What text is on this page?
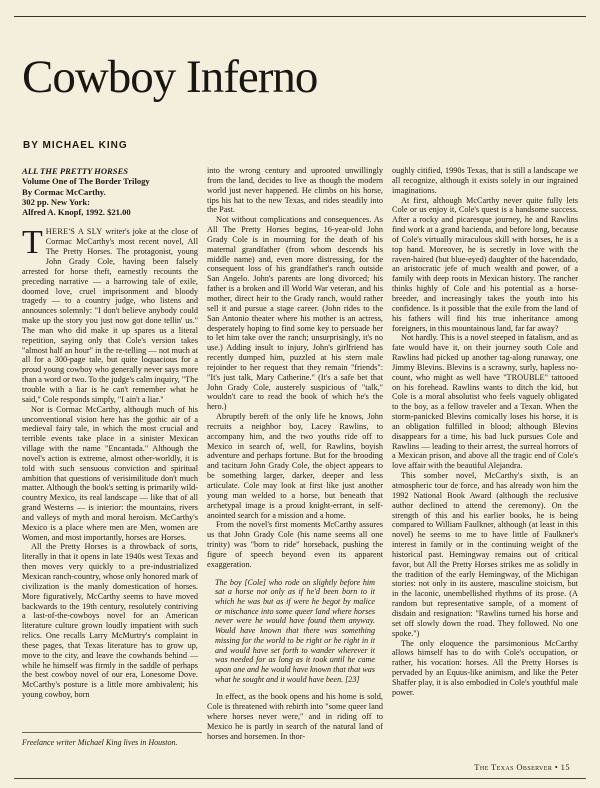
Cowboy Inferno
BY MICHAEL KING
ALL THE PRETTY HORSES
Volume One of The Border Trilogy
By Cormac McCarthy.
302 pp. New York:
Alfred A. Knopf, 1992. $21.00

THERE'S A SLY writer's joke at the close of Cormac McCarthy's most recent novel, All The Pretty Horses. The protagonist, young John Grady Cole, having been falsely arrested for horse theft, earnestly recounts the preceding narrative — a harrowing tale of exile, doomed love, cruel imprisonment and bloody tragedy — to a country judge, who listens and announces solemnly: "I don't believe anybody could make up the story you just now got done tellin' us." The man who did make it up spares us a literal repetition, saying only that Cole's version takes "almost half an hour" in the re-telling — not much at all for a 300-page tale, but quite loquacious for a proud young cowboy who generally never says more than a word or two. To the judge's calm inquiry, "The trouble with a liar is he can't remember what he said," Cole responds simply, "I ain't a liar."

Nor is Cormac McCarthy, although much of his unconventional vision here has the gothic air of a medieval fairy tale, in which the most crucial and terrible events take place in a sinister Mexican village with the name "Encantada." Although the novel's action is extreme, almost other-worldly, it is told with such sensuous conviction and spiritual ambition that questions of verisimilitude don't much matter. Although the book's setting is primarily wild-country Mexico, its real landscape — like that of all grand Westerns — is interior: the mountains, rivers and valleys of myth and moral heroism. McCarthy's Mexico is a place where men are Men, women are Women, and most importantly, horses are Horses.

All the Pretty Horses is a throwback of sorts, literally in that it opens in late 1940s west Texas and then moves very quickly to a pre-industrialized Mexican ranch-country, whose only honored mark of civilization is the manly domestication of horses. More figuratively, McCarthy seems to have moved backwards to the 19th century, resolutely contriving a last-of-the-cowboys novel for an American literature culture grown loudly impatient with such relics. One recalls Larry McMurtry's complaint in these pages, that Texas literature has to grow up, move to the city, and leave the cowhands behind — while he himself was firmly in the saddle of perhaps the best cowboy novel of our era, Lonesome Dove. McCarthy's posture is a little more ambivalent; his young cowboy, born

into the wrong century and uprooted unwillingly from the land, decides to live as though the modern world just never happened. He climbs on his horse, tips his hat to the new Texas, and rides steadily into the Past.

Not without complications and consequences. As All The Pretty Horses begins, 16-year-old John Grady Cole is in mourning for the death of his maternal grandfather (from whom descends his middle name) and, even more distressing, for the consequent loss of his grandfather's ranch outside San Angelo. John's parents are long divorced; his father is a broken and ill World War veteran, and his mother, direct heir to the Grady ranch, would rather sell it and pursue a stage career. (John rides to the San Antonio theater where his mother is an actress, desperately hoping to find some key to persuade her to let him take over the ranch; unsurprisingly, it's no use.) Adding insult to injury, John's girlfriend has recently dumped him, puzzled at his stern male rejoinder to her request that they remain "friends": "It's just talk, Mary Catherine." (It's a safe bet that John Grady Cole, austerely suspicious of "talk," wouldn't care to read the book of which he's the hero.)

Abruptly bereft of the only life he knows, John recruits a neighbor boy, Lacey Rawlins, to accompany him, and the two youths ride off to Mexico in search of, well, for Rawlins, boyish adventure and perhaps fortune. But for the brooding and taciturn John Grady Cole, the object appears to be something larger, darker, deeper and less articulate. Cole may look at first like just another young man welded to a horse, but beneath that archetypal image is a proud knight-errant, in self-anointed search for a mission and a home.

From the novel's first moments McCarthy assures us that John Grady Cole (his name seems all one trinity) was "born to ride" horseback, pushing the figure of speech beyond even its apparent exaggeration.

The boy [Cole] who rode on slightly before him sat a horse not only as if he'd been born to it which he was but as if were he begot by malice or mischance into some queer land where horses never were he would have found them anyway. Would have known that there was something missing for the world to be right or he right in it and would have set forth to wander wherever it was needed for as long as it took until he came upon one and he would have known that that was what he sought and it would have been. [23]

In effect, as the book opens and his home is sold, Cole is threatened with rebirth into "some queer land where horses never were," and in riding off to Mexico he is partly in search of the natural land of horses and horsemen. In thor-

oughly citified, 1990s Texas, that is still a landscape we all recognize, although it exists solely in our ingrained imaginations.

At first, although McCarthy never quite fully lets Cole or us enjoy it, Cole's quest is a handsome success. After a rocky and picaresque journey, he and Rawlins find work at a grand hacienda, and before long, because of Cole's virtually miraculous skill with horses, he is a top hand. Moreover, he is secretly in love with the raven-haired (but blue-eyed) daughter of the hacendado, an aristocratic jefe of much wealth and power, of a family with deep roots in Mexican history. The rancher thinks highly of Cole and his potential as a horse-breeder, and increasingly takes the youth into his confidence. Is it possible that the exile from the land of his fathers will find his true inheritance among foreigners, in this mountainous land, far far away?

Not hardly. This is a novel steeped in fatalism, and as fate would have it, on their journey south Cole and Rawlins had picked up another tag-along runaway, one Jimmy Blevins. Blevins is a scrawny, surly, hapless no-count, who might as well have "TROUBLE" tattooed on his forehead. Rawlins wants to ditch the kid, but Cole is a moral absolutist who feels vaguely obligated to the boy, as a fellow traveler and a Texan. When the storm-panicked Blevins comically loses his horse, it is an obligation fulfilled in blood; although Blevins disappears for a time, his bad luck pursues Cole and Rawlins — leading to their arrest, the surreal horrors of a Mexican prison, and above all the tragic end of Cole's love affair with the beautiful Alejandra.

This somber novel, McCarthy's sixth, is an atmospheric tour de force, and has already won him the 1992 National Book Award (although the reclusive author declined to attend the ceremony). On the strength of this and his earlier books, he is being compared to William Faulkner, although (at least in this novel) he seems to me to have little of Faulkner's interest in family or in the continuing weight of the historical past. Hemingway remains out of critical favor, but All the Pretty Horses strikes me as solidly in the tradition of the early Hemingway, of the Michigan stories: not only in its austere, masculine stoicism, but in the laconic, unembellished rhythms of its prose. (A random but representative sample, of a moment of disdain and resignation: "Rawlins turned his horse and set off slowly down the road. They followed. No one spoke.")

The only eloquence the parsimonious McCarthy allows himself has to do with Cole's occupation, or rather, his vocation: horses. All the Pretty Horses is pervaded by an Equus-like animism, and like the Peter Shaffer play, it is also embodied in Cole's youthful male power.

Freelance writer Michael King lives in Houston.
The Texas Observer • 15
